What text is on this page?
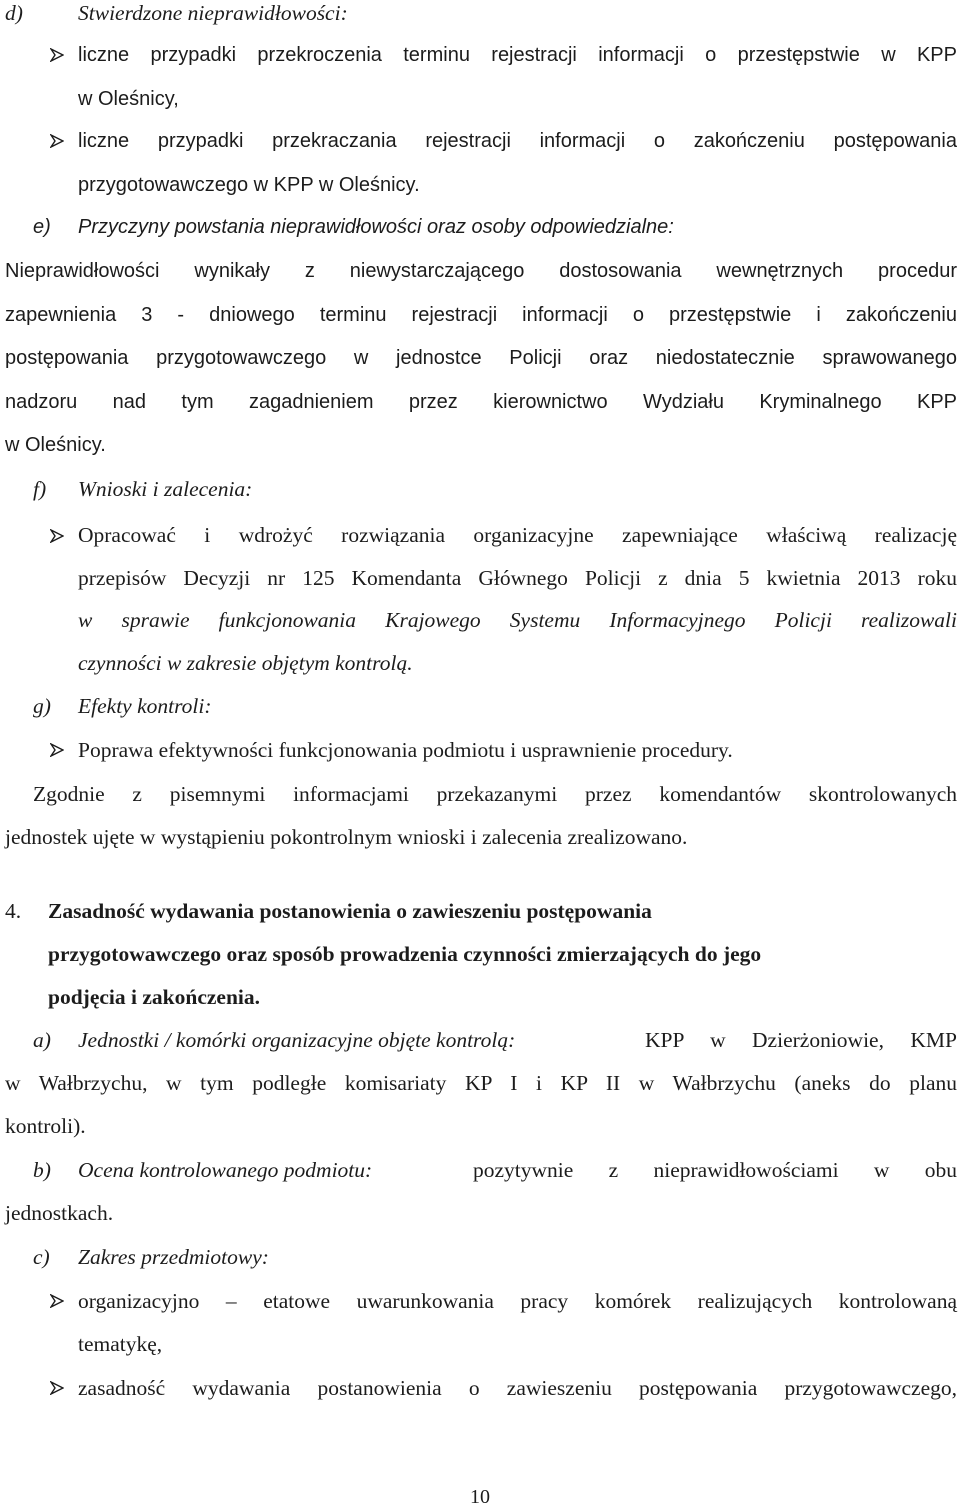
d)	Stwierdzone nieprawidłowości:
liczne przypadki przekroczenia terminu rejestracji informacji o przestępstwie w KPP
w Oleśnicy,
liczne przypadki przekraczania rejestracji informacji o zakończeniu postępowania
przygotowawczego w KPP w Oleśnicy.
e) Przyczyny powstania nieprawidłowości oraz osoby odpowiedzialne:
Nieprawidłowości wynikały z niewystarczającego dostosowania wewnętrznych procedur
zapewnienia 3 - dniowego terminu rejestracji informacji o przestępstwie i zakończeniu
postępowania przygotowawczego w jednostce Policji oraz niedostatecznie sprawowanego
nadzoru nad tym zagadnieniem przez kierownictwo Wydziału Kryminalnego KPP
w Oleśnicy.
f) Wnioski i zalecenia:
Opracować i wdrożyć rozwiązania organizacyjne zapewniające właściwą realizację
przepisów Decyzji nr 125 Komendanta Głównego Policji z dnia 5 kwietnia 2013 roku
w sprawie funkcjonowania Krajowego Systemu Informacyjnego Policji realizowali
czynności w zakresie objętym kontrolą.
g) Efekty kontroli:
Poprawa efektywności funkcjonowania podmiotu i usprawnienie procedury.
Zgodnie z pisemnymi informacjami przekazanymi przez komendantów skontrolowanych
jednostek ujęte w wystąpieniu pokontrolnym wnioski i zalecenia zrealizowano.
4. Zasadność wydawania postanowienia o zawieszeniu postępowania
przygotowawczego oraz sposób prowadzenia czynności zmierzających do jego
podjęcia i zakończenia.
a) Jednostki / komórki organizacyjne objęte kontrolą:	KPP w Dzierżoniowie, KMP
w Wałbrzychu, w tym podległe komisariaty KP I i KP II w Wałbrzychu (aneks do planu
kontroli).
b) Ocena kontrolowanego podmiotu:	pozytywnie z nieprawidłowościami w obu
jednostkach.
c) Zakres przedmiotowy:
organizacyjno – etatowe uwarunkowania pracy komórek realizujących kontrolowaną
tematykę,
zasadność wydawania postanowienia o zawieszeniu postępowania przygotowawczego,
10
